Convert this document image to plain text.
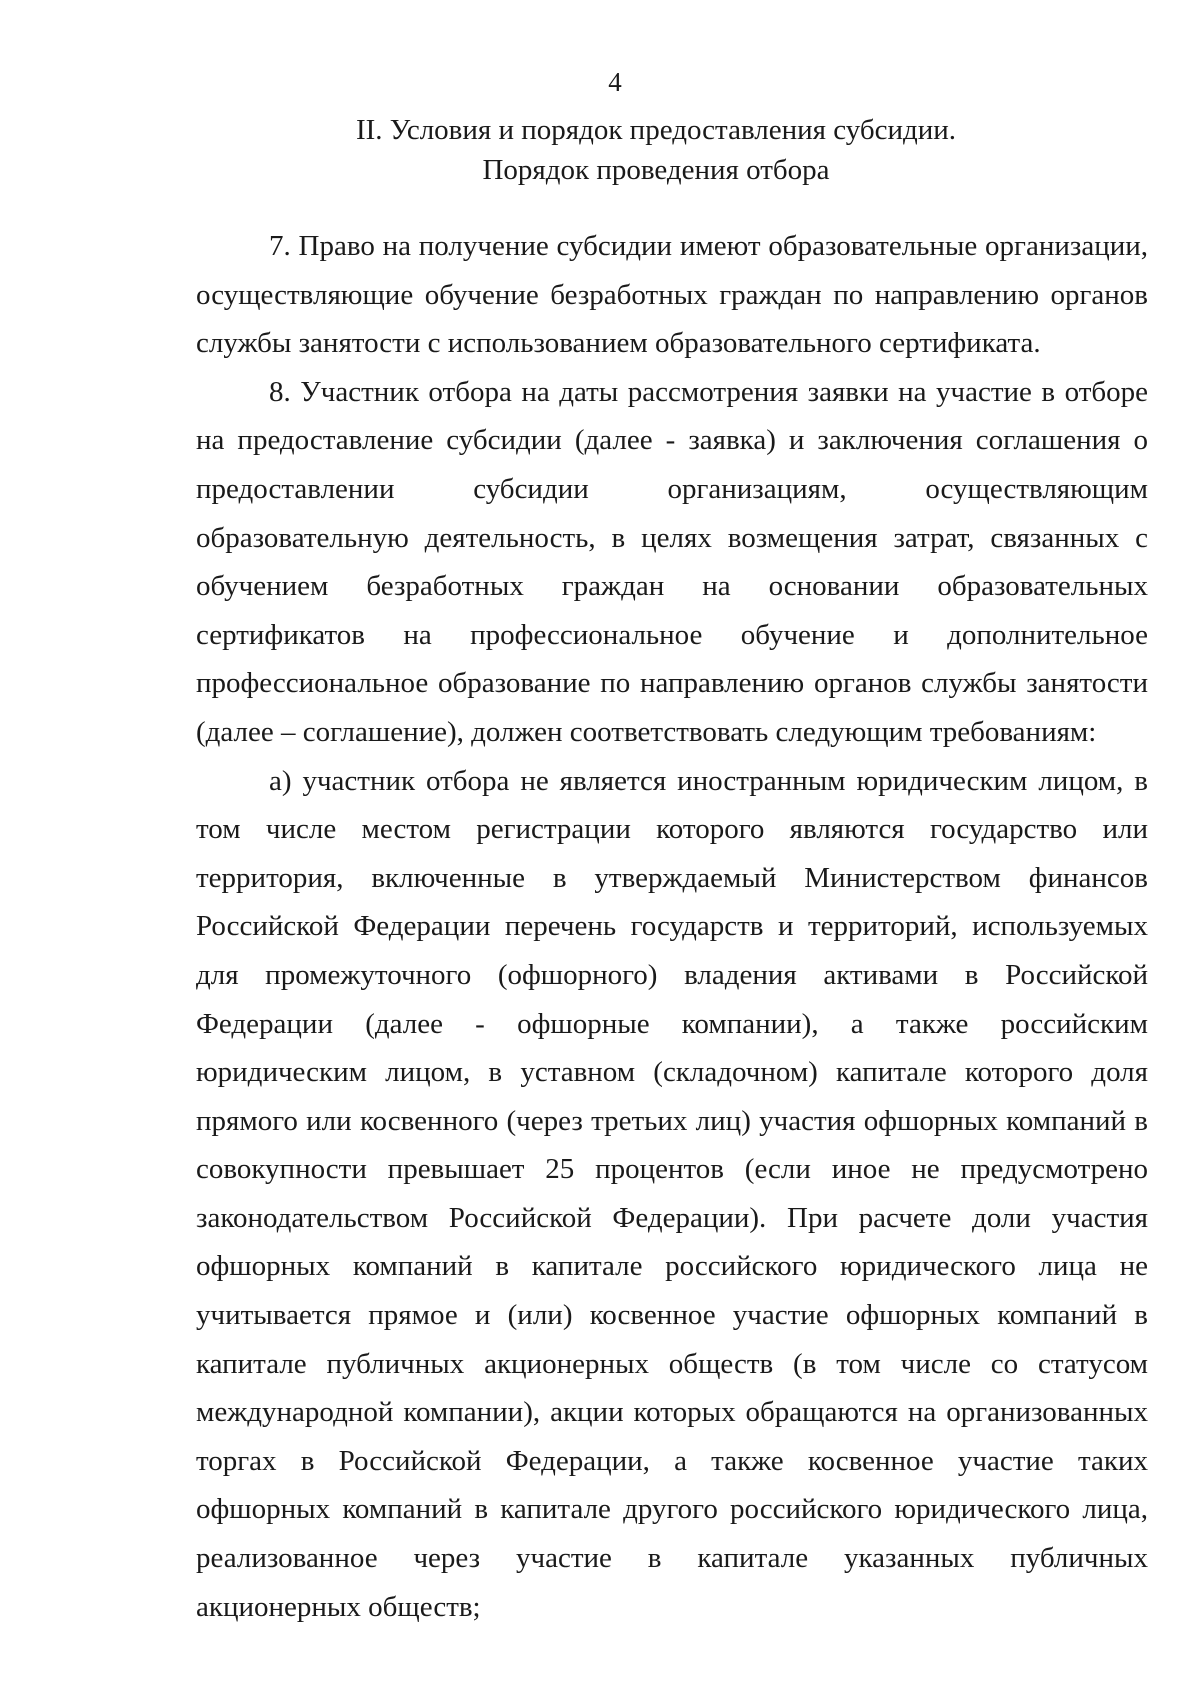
4
II. Условия и порядок предоставления субсидии.
Порядок проведения отбора

7. Право на получение субсидии имеют образовательные организации, осуществляющие обучение безработных граждан по направлению органов службы занятости с использованием образовательного сертификата.

8. Участник отбора на даты рассмотрения заявки на участие в отборе на предоставление субсидии (далее - заявка) и заключения соглашения о предоставлении субсидии организациям, осуществляющим образовательную деятельность, в целях возмещения затрат, связанных с обучением безработных граждан на основании образовательных сертификатов на профессиональное обучение и дополнительное профессиональное образование по направлению органов службы занятости (далее – соглашение), должен соответствовать следующим требованиям:

а) участник отбора не является иностранным юридическим лицом, в том числе местом регистрации которого являются государство или территория, включенные в утверждаемый Министерством финансов Российской Федерации перечень государств и территорий, используемых для промежуточного (офшорного) владения активами в Российской Федерации (далее - офшорные компании), а также российским юридическим лицом, в уставном (складочном) капитале которого доля прямого или косвенного (через третьих лиц) участия офшорных компаний в совокупности превышает 25 процентов (если иное не предусмотрено законодательством Российской Федерации). При расчете доли участия офшорных компаний в капитале российского юридического лица не учитывается прямое и (или) косвенное участие офшорных компаний в капитале публичных акционерных обществ (в том числе со статусом международной компании), акции которых обращаются на организованных торгах в Российской Федерации, а также косвенное участие таких офшорных компаний в капитале другого российского юридического лица, реализованное через участие в капитале указанных публичных акционерных обществ;
